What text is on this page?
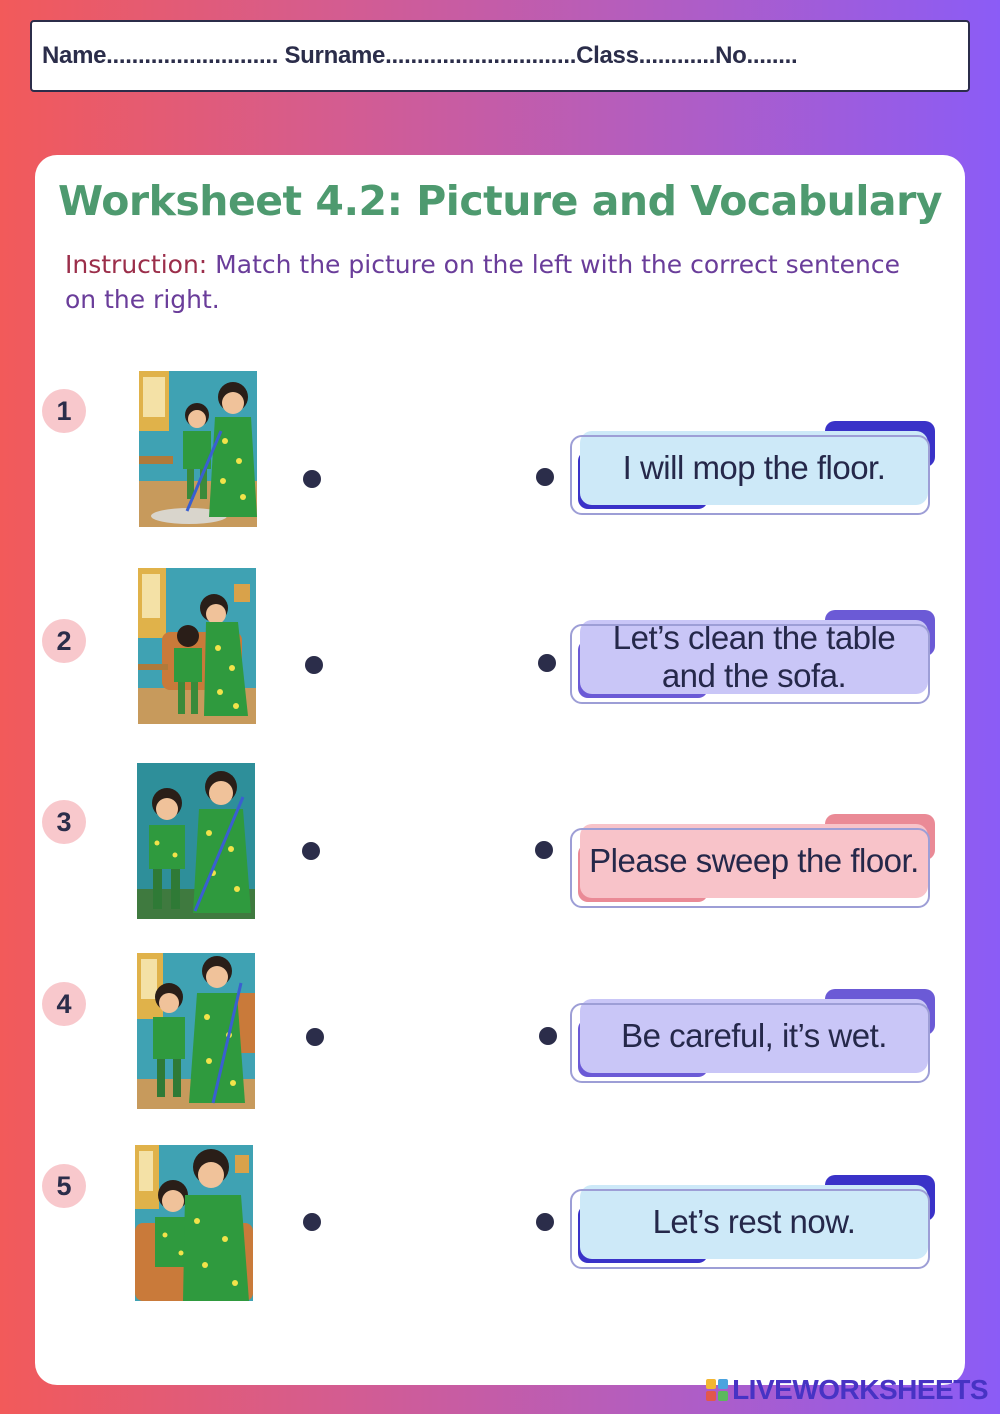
Name........................... Surname..............................Class............No........
Worksheet 4.2: Picture and Vocabulary
Instruction: Match the picture on the left with the correct sentence on the right.
1
I will mop the floor.
2	Let’s clean the table and the sofa.
3
Please sweep the floor.
4
Be careful, it’s wet.
5
Let’s rest now.
LIVEWORKSHEETS
